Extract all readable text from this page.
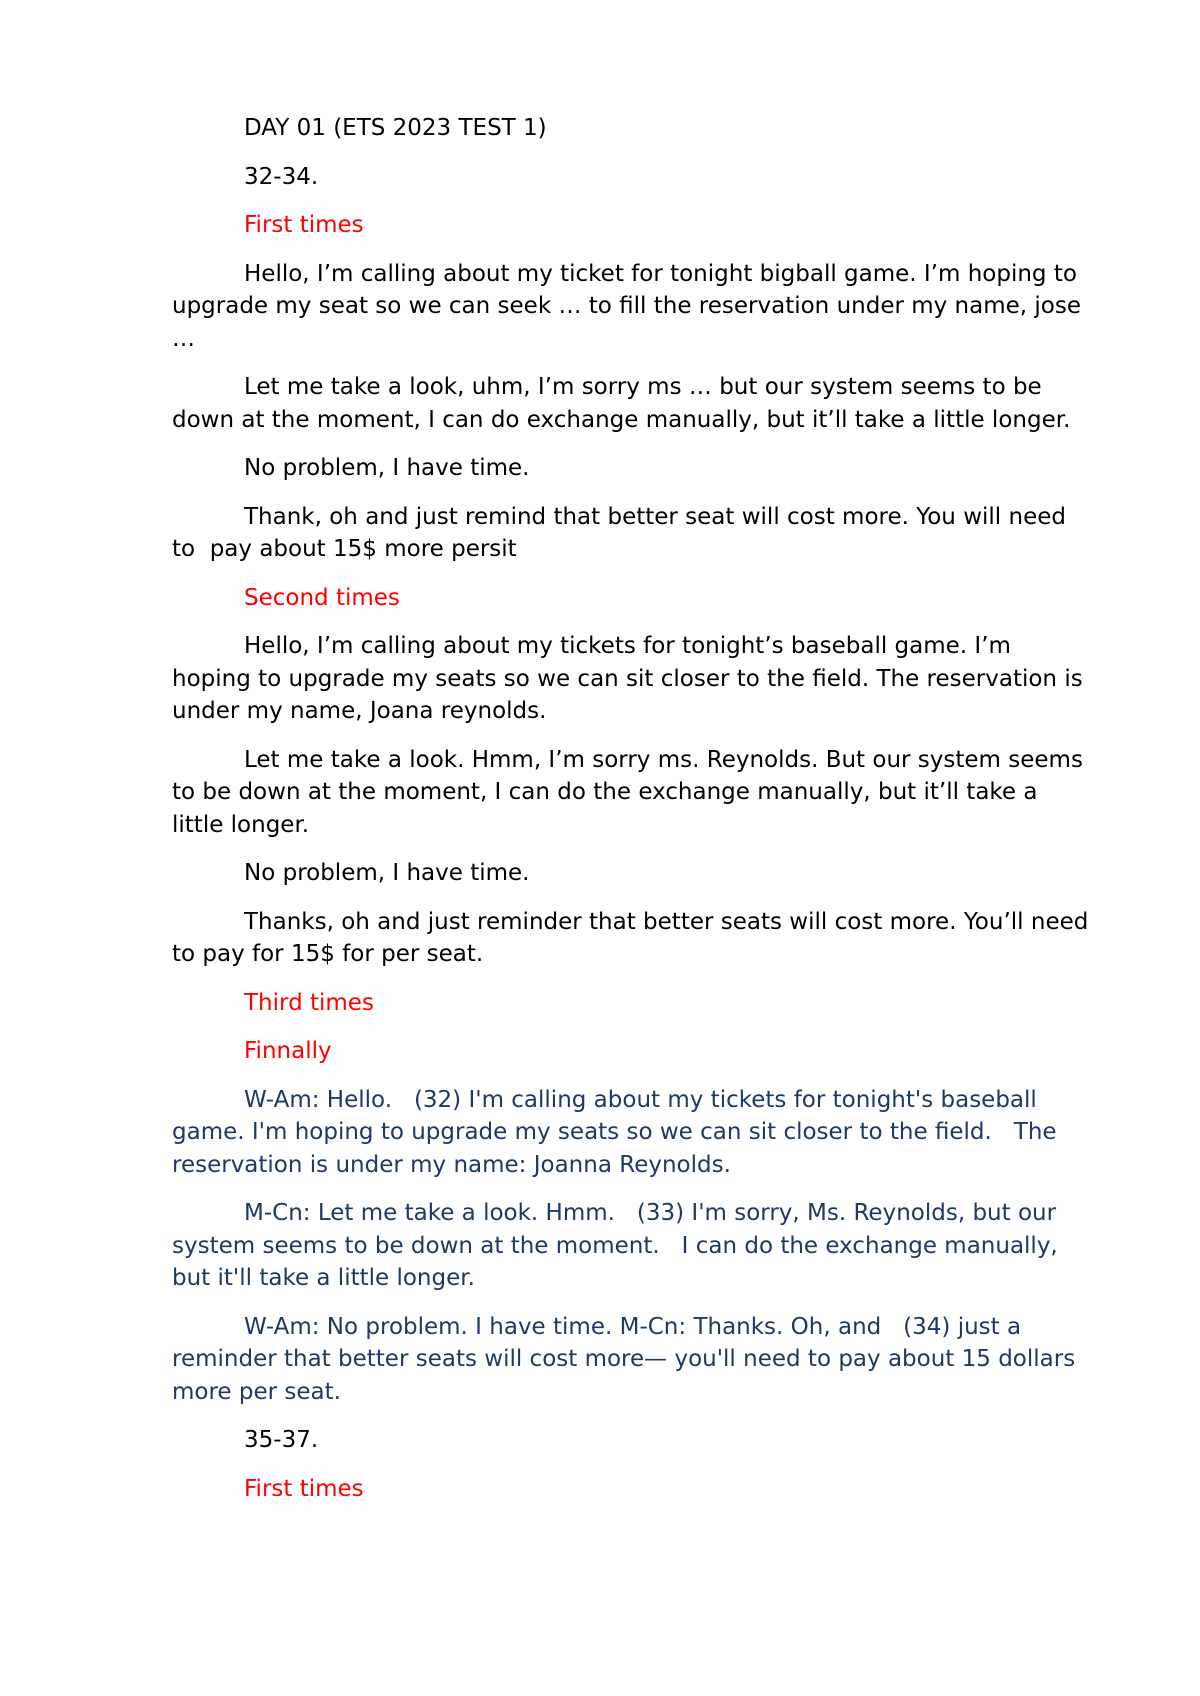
DAY 01 (ETS 2023 TEST 1)

32-34.

First times

Hello, I’m calling about my ticket for tonight bigball game. I’m hoping to upgrade my seat so we can seek … to fill the reservation under my name, jose …

Let me take a look, uhm, I’m sorry ms … but our system seems to be down at the moment, I can do exchange manually, but it’ll take a little longer.

No problem, I have time.

Thank, oh and just remind that better seat will cost more. You will need to  pay about 15$ more persit

Second times

Hello, I’m calling about my tickets for tonight’s baseball game. I’m hoping to upgrade my seats so we can sit closer to the field. The reservation is under my name, Joana reynolds.

Let me take a look. Hmm, I’m sorry ms. Reynolds. But our system seems to be down at the moment, I can do the exchange manually, but it’ll take a little longer.

No problem, I have time.

Thanks, oh and just reminder that better seats will cost more. You’ll need to pay for 15$ for per seat.

Third times

Finnally

W-Am: Hello.   (32) I'm calling about my tickets for tonight's baseball game. I'm hoping to upgrade my seats so we can sit closer to the field.   The reservation is under my name: Joanna Reynolds.

M-Cn: Let me take a look. Hmm.   (33) I'm sorry, Ms. Reynolds, but our system seems to be down at the moment.   I can do the exchange manually, but it'll take a little longer.

W-Am: No problem. I have time. M-Cn: Thanks. Oh, and   (34) just a reminder that better seats will cost more— you'll need to pay about 15 dollars more per seat.

35-37.

First times
